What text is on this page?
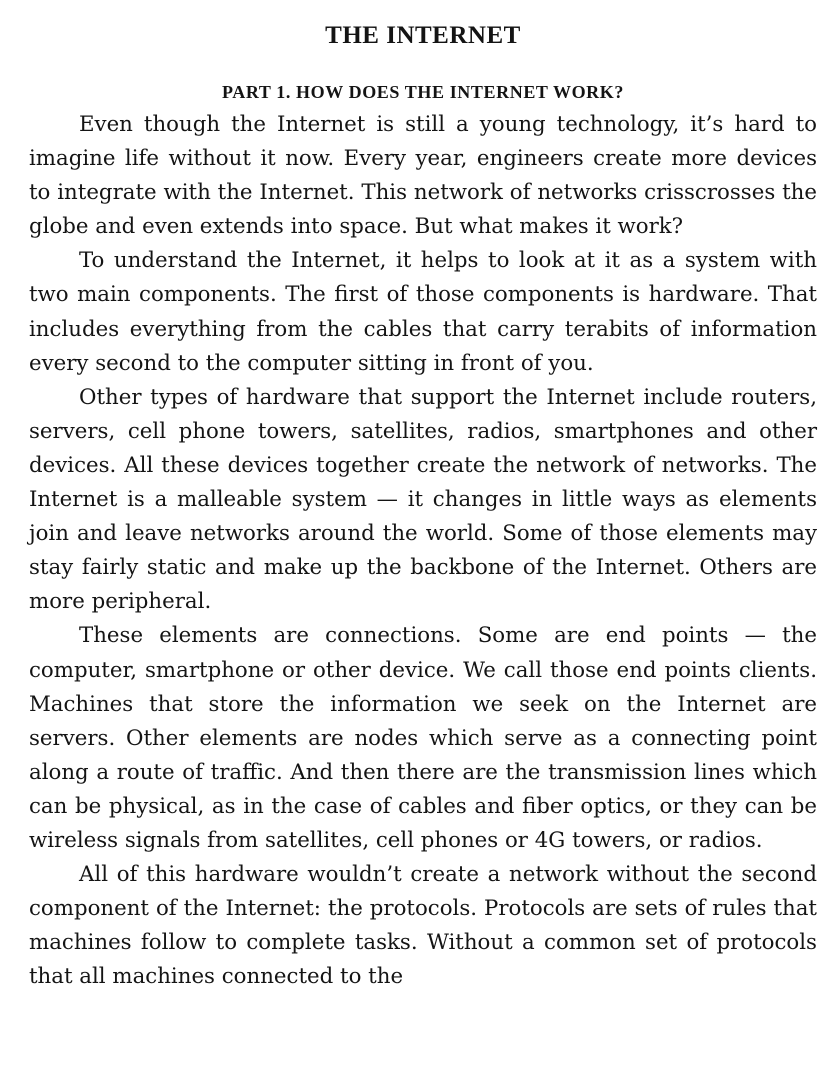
THE INTERNET
PART 1. HOW DOES THE INTERNET WORK?

Even though the Internet is still a young technology, it’s hard to imagine life without it now. Every year, engineers create more devices to integrate with the Internet. This network of networks crisscrosses the globe and even extends into space. But what makes it work?

To understand the Internet, it helps to look at it as a system with two main components. The first of those components is hardware. That includes everything from the cables that carry terabits of information every second to the computer sitting in front of you.

Other types of hardware that support the Internet include routers, servers, cell phone towers, satellites, radios, smartphones and other devices. All these devices together create the network of networks. The Internet is a malleable system — it changes in little ways as elements join and leave networks around the world. Some of those elements may stay fairly static and make up the backbone of the Internet. Others are more peripheral.

These elements are connections. Some are end points — the computer, smartphone or other device. We call those end points clients. Machines that store the information we seek on the Internet are servers. Other elements are nodes which serve as a connecting point along a route of traffic. And then there are the transmission lines which can be physical, as in the case of cables and fiber optics, or they can be wireless signals from satellites, cell phones or 4G towers, or radios.

All of this hardware wouldn’t create a network without the second component of the Internet: the protocols. Protocols are sets of rules that machines follow to complete tasks. Without a common set of protocols that all machines connected to the
